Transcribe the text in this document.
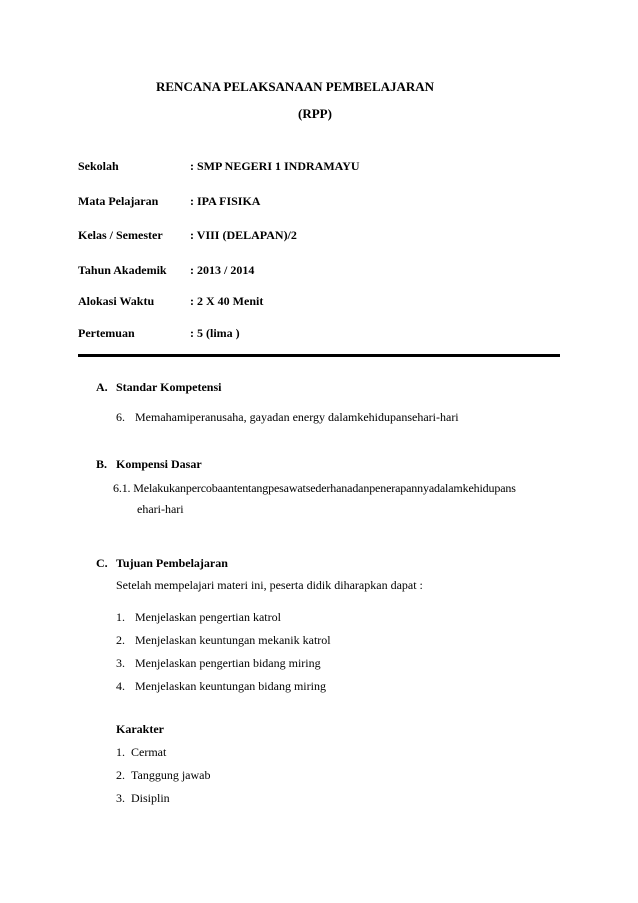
RENCANA PELAKSANAAN PEMBELAJARAN
(RPP)
Sekolah	: SMP NEGERI 1 INDRAMAYU
Mata Pelajaran	: IPA FISIKA
Kelas / Semester : VIII (DELAPAN)/2
Tahun Akademik : 2013 / 2014
Alokasi Waktu	: 2 X 40 Menit
Pertemuan	: 5 (lima )
A. Standar Kompetensi
6. Memahamiperanusaha, gayadan energy dalamkehidupansehari-hari
B. Kompensi Dasar
6.1. Melakukanpercobaantentangpesawatsederhanadanpenerapannyadalamkehidupans
ehari-hari
C. Tujuan Pembelajaran
Setelah mempelajari materi ini, peserta didik diharapkan dapat :
1. Menjelaskan pengertian katrol
2. Menjelaskan keuntungan mekanik katrol
3. Menjelaskan pengertian bidang miring
4. Menjelaskan keuntungan bidang miring
Karakter
1. Cermat
2. Tanggung jawab
3. Disiplin
